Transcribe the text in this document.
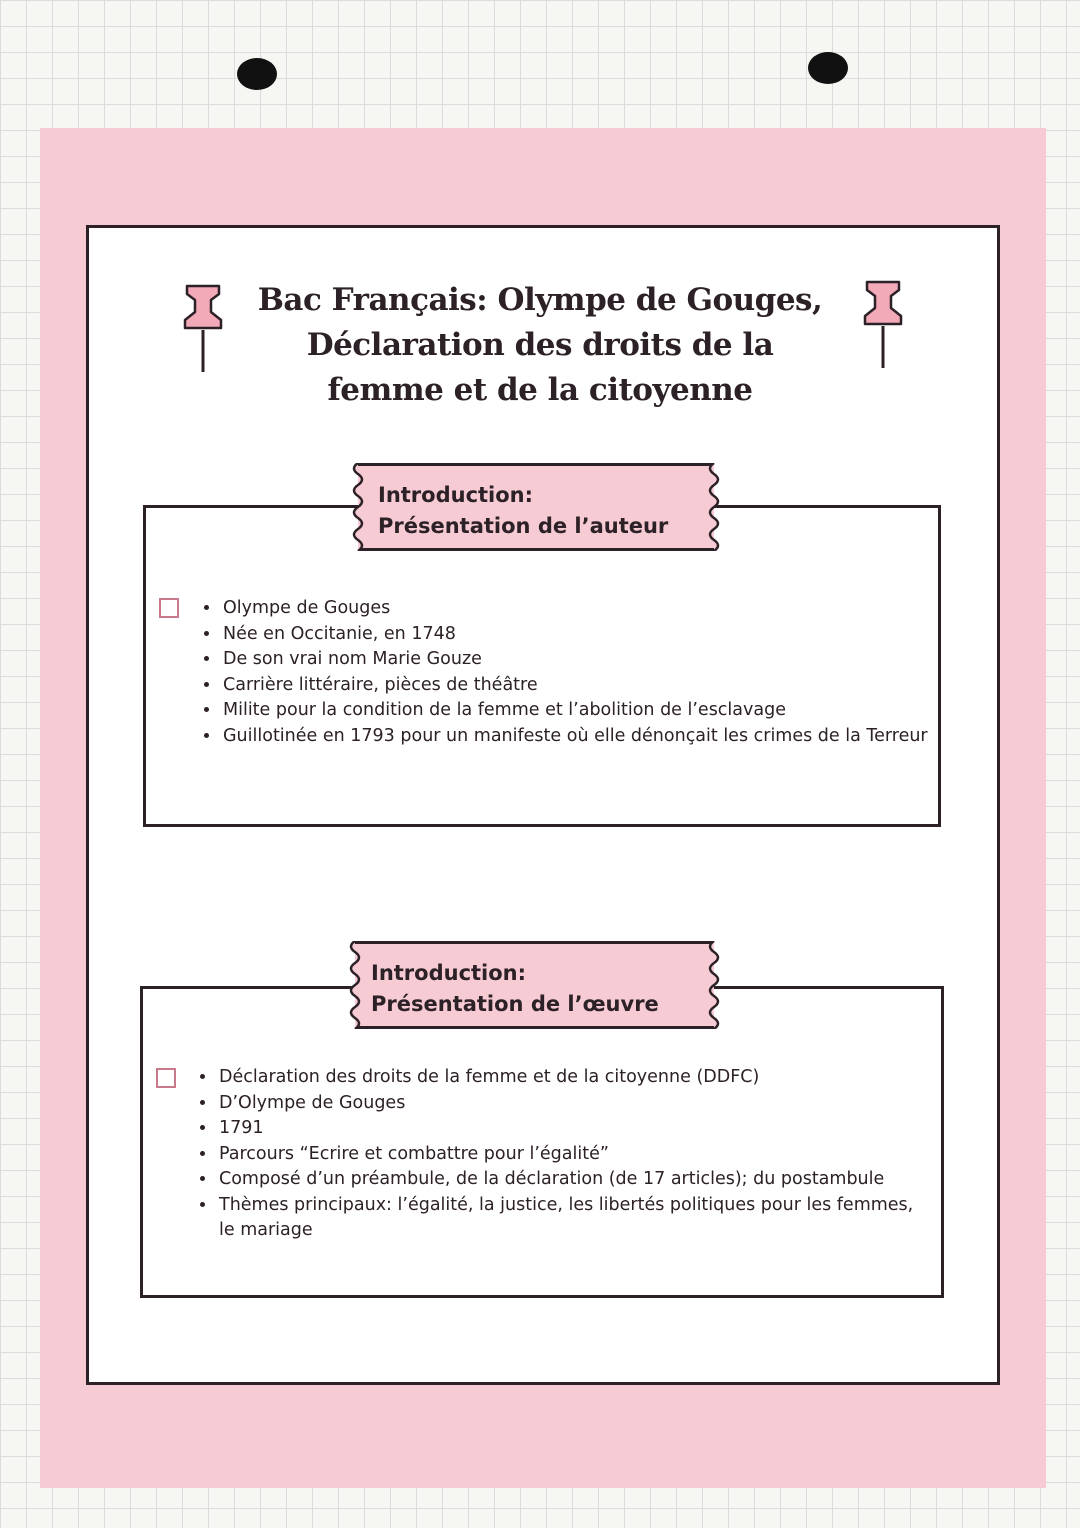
Bac Français: Olympe de Gouges,
Déclaration des droits de la
femme et de la citoyenne
Introduction:
Présentation de l’auteur
• Olympe de Gouges
• Née en Occitanie, en 1748
• De son vrai nom Marie Gouze
• Carrière littéraire, pièces de théâtre
• Milite pour la condition de la femme et l’abolition de l’esclavage
• Guillotinée en 1793 pour un manifeste où elle dénonçait les crimes de la Terreur
Introduction:
Présentation de l’œuvre
• Déclaration des droits de la femme et de la citoyenne (DDFC)
• D’Olympe de Gouges
• 1791
• Parcours “Ecrire et combattre pour l’égalité”
• Composé d’un préambule, de la déclaration (de 17 articles); du postambule
• Thèmes principaux: l’égalité, la justice, les libertés politiques pour les femmes, le mariage
